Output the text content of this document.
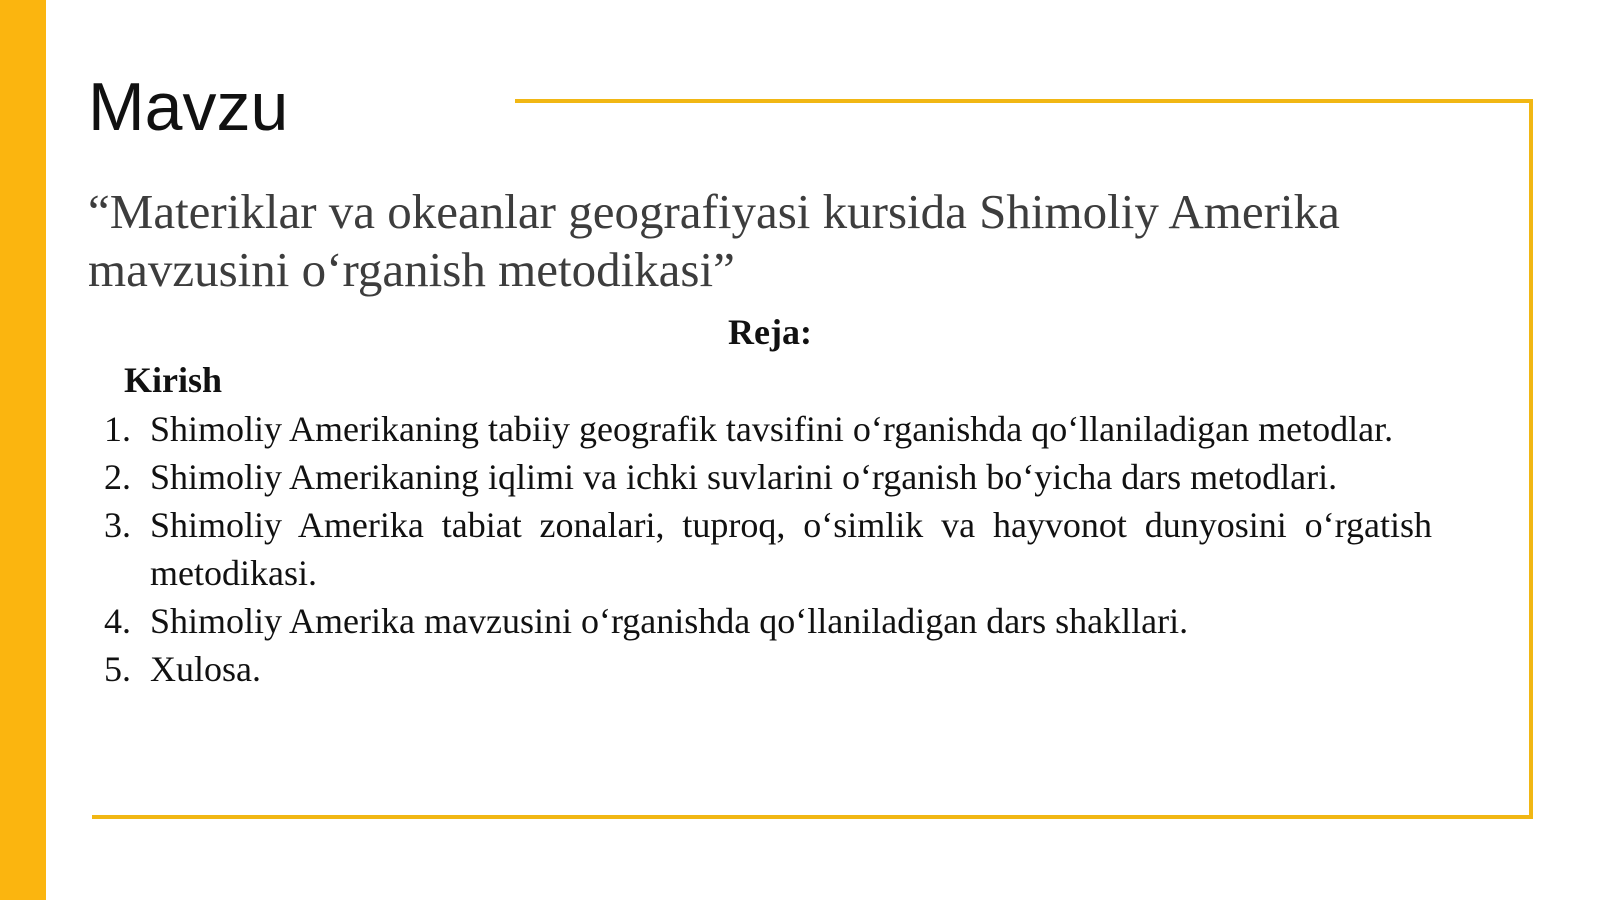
Mavzu

“Materiklar va okeanlar geografiyasi kursida Shimoliy Amerika mavzusini o‘rganish metodikasi”

Reja:
Kirish
1. Shimoliy Amerikaning tabiiy geografik tavsifini o‘rganishda qo‘llaniladigan metodlar.
2. Shimoliy Amerikaning iqlimi va ichki suvlarini o‘rganish bo‘yicha dars metodlari.
3. Shimoliy Amerika tabiat zonalari, tuproq, o‘simlik va hayvonot dunyosini o‘rgatish metodikasi.
4. Shimoliy Amerika mavzusini o‘rganishda qo‘llaniladigan dars shakllari.
5. Xulosa.
